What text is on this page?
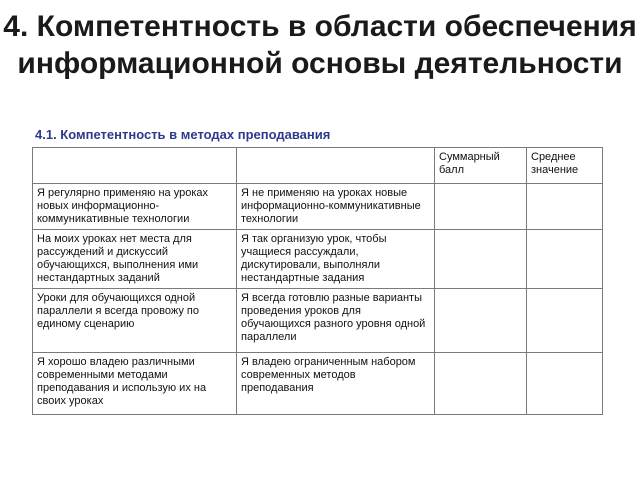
4. Компетентность в области обеспечения информационной основы деятельности
4.1. Компетентность в методах преподавания
		Суммарный балл	Среднее значение
Я регулярно применяю на уроках новых информационно-коммуникативные технологии	Я не применяю на уроках новые информационно-коммуникативные технологии		
На моих уроках нет места для рассуждений и дискуссий обучающихся, выполнения ими нестандартных заданий	Я так организую урок, чтобы учащиеся рассуждали, дискутировали, выполняли нестандартные задания		
Уроки для обучающихся одной параллели я всегда провожу по единому сценарию	Я всегда готовлю разные варианты проведения уроков для обучающихся разного уровня одной параллели		
Я хорошо владею различными современными методами преподавания и использую их на своих уроках	Я владею ограниченным набором современных методов преподавания		
